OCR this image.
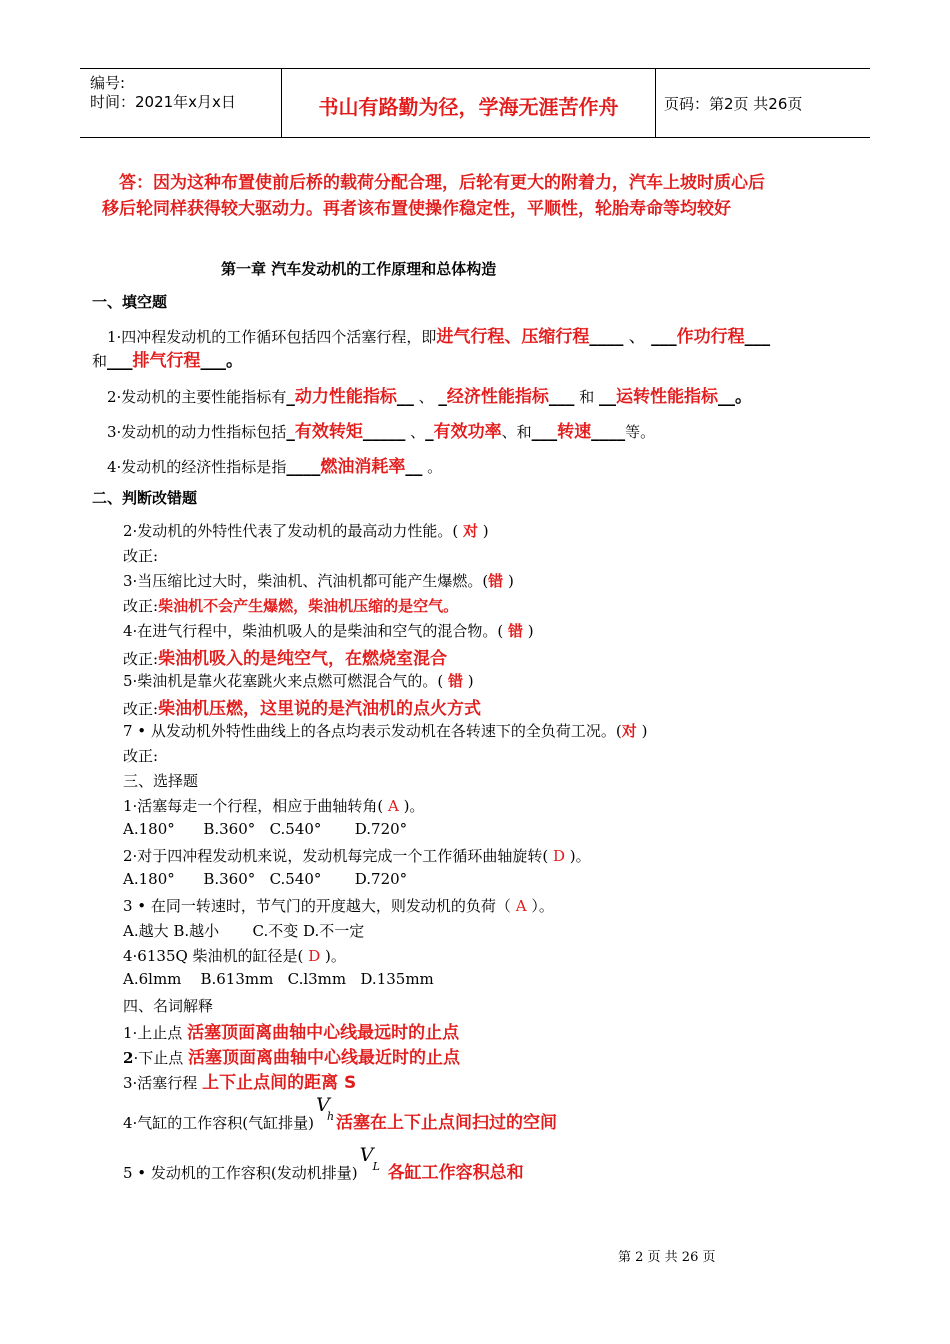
编号:
时间：2021年x月x日	书山有路勤为径，学海无涯苦作舟	页码：第2页 共26页
答：因为这种布置使前后桥的载荷分配合理，后轮有更大的附着力，汽车上坡时质心后
移后轮同样获得较大驱动力。再者该布置使操作稳定性，平顺性，轮胎寿命等均较好
第一章 汽车发动机的工作原理和总体构造
一、填空题
1·四冲程发动机的工作循环包括四个活塞行程，即进气行程、压缩行程____ 、 ___作功行程___
和___排气行程___。
2·发动机的主要性能指标有_动力性能指标__ 、 _经济性能指标___ 和 __运转性能指标__。
3·发动机的动力性指标包括_有效转矩_____ 、_有效功率、和___转速____等。
4·发动机的经济性指标是指____燃油消耗率__ 。
二、判断改错题
2·发动机的外特性代表了发动机的最高动力性能。( 对 )
改正:
3·当压缩比过大时，柴油机、汽油机都可能产生爆燃。(错 )
改正:柴油机不会产生爆燃，柴油机压缩的是空气。
4·在进气行程中，柴油机吸人的是柴油和空气的混合物。( 错 )
改正:柴油机吸入的是纯空气，在燃烧室混合
5·柴油机是靠火花塞跳火来点燃可燃混合气的。( 错 )
改正:柴油机压燃，这里说的是汽油机的点火方式
7 • 从发动机外特性曲线上的各点均表示发动机在各转速下的全负荷工况。(对 )
改正:
三、选择题
1·活塞每走一个行程，相应于曲轴转角( A )。
A.180°      B.360°   C.540°       D.720°
2·对于四冲程发动机来说，发动机每完成一个工作循环曲轴旋转( D )。
A.180°      B.360°   C.540°       D.720°
3 • 在同一转速时，节气门的开度越大，则发动机的负荷（ A ）。
A.越大 B.越小       C.不变 D.不一定
4·6135Q 柴油机的缸径是( D )。
A.6lmm    B.613mm   C.l3mm   D.135mm
四、名词解释
1·上止点 活塞顶面离曲轴中心线最远时的止点
2·下止点 活塞顶面离曲轴中心线最近时的止点
3·活塞行程 上下止点间的距离 S
4·气缸的工作容积(气缸排量)
V
h 活塞在上下止点间扫过的空间
5 • 发动机的工作容积(发动机排量)
V
L 各缸工作容积总和
第 2 页 共 26 页
